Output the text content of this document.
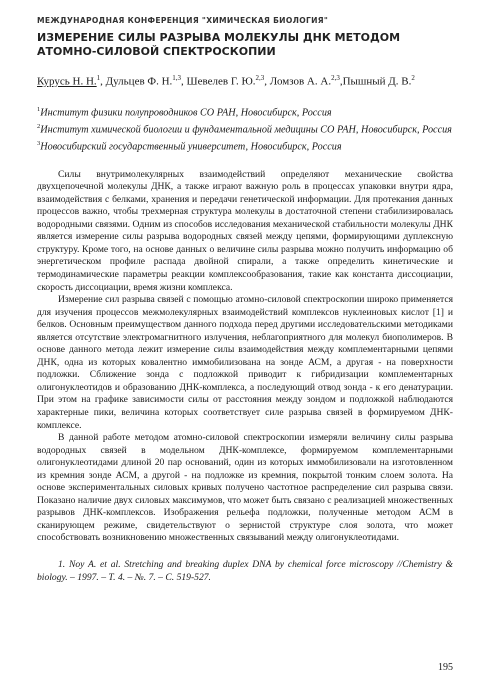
МЕЖДУНАРОДНАЯ КОНФЕРЕНЦИЯ "ХИМИЧЕСКАЯ БИОЛОГИЯ"
ИЗМЕРЕНИЕ СИЛЫ РАЗРЫВА МОЛЕКУЛЫ ДНК МЕТОДОМ АТОМНО-СИЛОВОЙ СПЕКТРОСКОПИИ
Курусь Н. Н.$^1$, Дульцев Ф. Н.$^{1,3}$, Шевелев Г. Ю.$^{2,3}$, Ломзов А. А.$^{2,3}$,Пышный Д. В.$^2$
$^1$Институт физики полупроводников СО РАН, Новосибирск, Россия
$^2$Институт химической биологии и фундаментальной медицины СО РАН, Новосибирск, Россия
$^3$Новосибирский государственный университет, Новосибирск, Россия

Силы внутримолекулярных взаимодействий определяют механические свойства двухцепочечной молекулы ДНК, а также играют важную роль в процессах упаковки внутри ядра, взаимодействия с белками, хранения и передачи генетической информации. Для протекания данных процессов важно, чтобы трехмерная структура молекулы в достаточной степени стабилизировалась водородными связями. Одним из способов исследования механической стабильности молекулы ДНК является измерение силы разрыва водородных связей между цепями, формирующими дуплексную структуру. Кроме того, на основе данных о величине силы разрыва можно получить информацию об энергетическом профиле распада двойной спирали, а также определить кинетические и термодинамические параметры реакции комплексообразования, такие как константа диссоциации, скорость диссоциации, время жизни комплекса.

Измерение сил разрыва связей с помощью атомно-силовой спектроскопии широко применяется для изучения процессов межмолекулярных взаимодействий комплексов нуклеиновых кислот [1] и белков. Основным преимуществом данного подхода перед другими исследовательскими методиками является отсутствие электромагнитного излучения, неблагоприятного для молекул биополимеров. В основе данного метода лежит измерение силы взаимодействия между комплементарными цепями ДНК, одна из которых ковалентно иммобилизована на зонде АСМ, а другая - на поверхности подложки. Сближение зонда с подложкой приводит к гибридизации комплементарных олигонуклеотидов и образованию ДНК-комплекса, а последующий отвод зонда - к его денатурации. При этом на графике зависимости силы от расстояния между зондом и подложкой наблюдаются характерные пики, величина которых соответствует силе разрыва связей в формируемом ДНК-комплексе.

В данной работе методом атомно-силовой спектроскопии измеряли величину силы разрыва водородных связей в модельном ДНК-комплексе, формируемом комплементарными олигонуклеотидами длиной 20 пар оснований, один из которых иммобилизовали на изготовленном из кремния зонде АСМ, а другой - на подложке из кремния, покрытой тонким слоем золота. На основе экспериментальных силовых кривых получено частотное распределение сил разрыва связи. Показано наличие двух силовых максимумов, что может быть связано с реализацией множественных разрывов ДНК-комплексов. Изображения рельефа подложки, полученные методом АСМ в сканирующем режиме, свидетельствуют о зернистой структуре слоя золота, что может способствовать возникновению множественных связываний между олигонуклеотидами.

1. Noy A. et al. Stretching and breaking duplex DNA by chemical force microscopy //Chemistry & biology. – 1997. – Т. 4. – №. 7. – С. 519-527.

195
